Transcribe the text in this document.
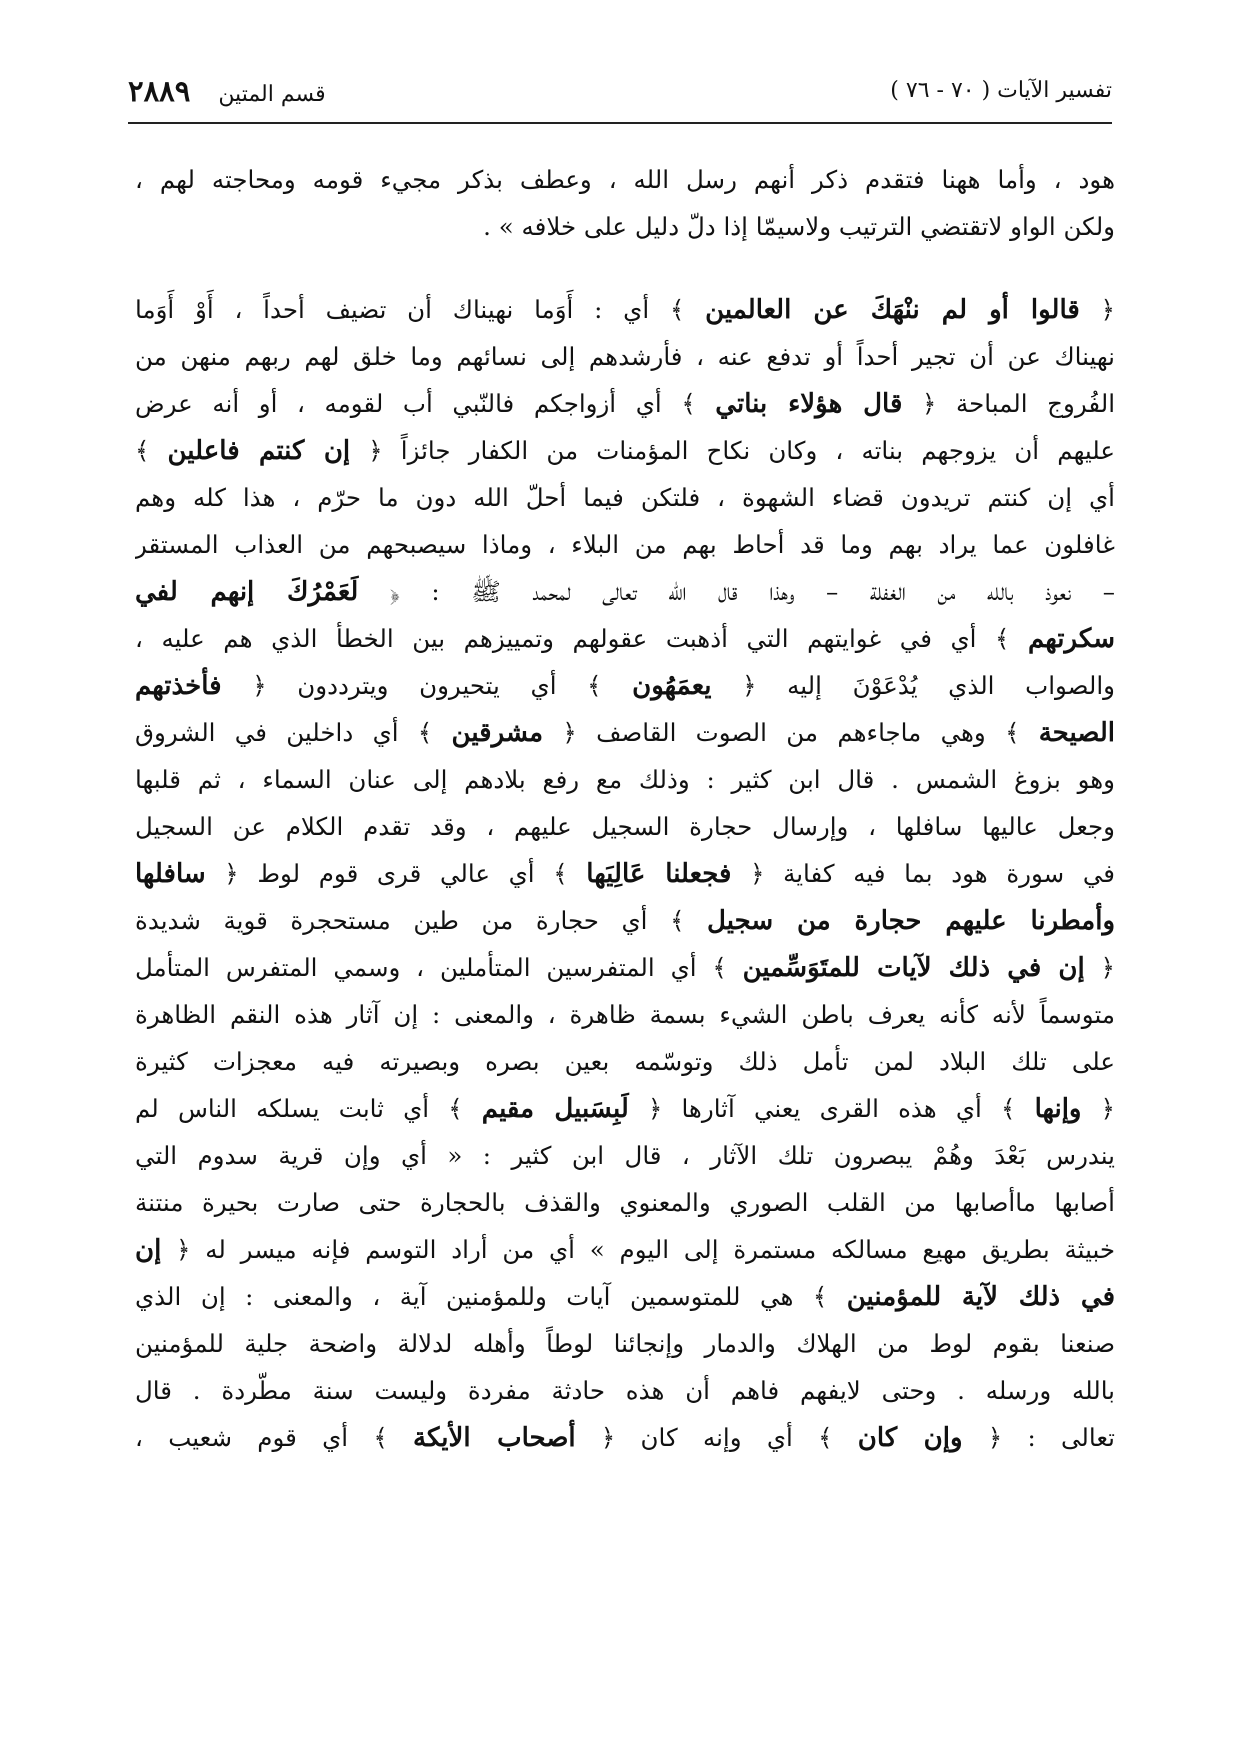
٢٨٨٩ قسم المتين	تفسير الآيات ( ٧٠ - ٧٦ )
هود ، وأما ههنا فتقدم ذكر أنهم رسل الله ، وعطف بذكر مجيء قومه ومحاجته لهم ،
ولكن الواو لاتقتضي الترتيب ولاسيمّا إذا دلّ دليل على خلافه » .
﴿ قالوا أو لم ننْهَكَ عن العالمين ﴾ أي : أَوَما نهيناك أن تضيف أحداً ، أَوْ أَوَما
نهيناك عن أن تجير أحداً أو تدفع عنه ، فأرشدهم إلى نسائهم وما خلق لهم ربهم منهن من
الفُروج المباحة ﴿ قال هؤلاء بناتي ﴾ أي أزواجكم فالنّبي أب لقومه ، أو أنه عرض
عليهم أن يزوجهم بناته ، وكان نكاح المؤمنات من الكفار جائزاً ﴿ إن كنتم فاعلين ﴾
أي إن كنتم تريدون قضاء الشهوة ، فلتكن فيما أحلّ الله دون ما حرّم ، هذا كله وهم
غافلون عما يراد بهم وما قد أحاط بهم من البلاء ، وماذا سيصبحهم من العذاب المستقر
– نعوذ بالله من الغفلة – وهذا قال الله تعالى لمحمد ﷺ : ﴿ لَعَمْرُكَ إنهم لفي
سكرتهم ﴾ أي في غوايتهم التي أذهبت عقولهم وتمييزهم بين الخطأ الذي هم عليه ،
والصواب الذي يُدْعَوْنَ إليه ﴿ يعمَهُون ﴾ أي يتحيرون ويترددون ﴿ فأخذتهم
الصيحة ﴾ وهي ماجاءهم من الصوت القاصف ﴿ مشرقين ﴾ أي داخلين في الشروق
وهو بزوغ الشمس . قال ابن كثير : وذلك مع رفع بلادهم إلى عنان السماء ، ثم قلبها
وجعل عاليها سافلها ، وإرسال حجارة السجيل عليهم ، وقد تقدم الكلام عن السجيل
في سورة هود بما فيه كفاية ﴿ فجعلنا عَالِيَها ﴾ أي عالي قرى قوم لوط ﴿ سافلها
وأمطرنا عليهم حجارة من سجيل ﴾ أي حجارة من طين مستحجرة قوية شديدة
﴿ إن في ذلك لآيات للمتَوَسِّمين ﴾ أي المتفرسين المتأملين ، وسمي المتفرس المتأمل
متوسماً لأنه كأنه يعرف باطن الشيء بسمة ظاهرة ، والمعنى : إن آثار هذه النقم الظاهرة
على تلك البلاد لمن تأمل ذلك وتوسّمه بعين بصره وبصيرته فيه معجزات كثيرة
﴿ وإنها ﴾ أي هذه القرى يعني آثارها ﴿ لَبِسَبيل مقيم ﴾ أي ثابت يسلكه الناس لم
يندرس بَعْدَ وهُمْ يبصرون تلك الآثار ، قال ابن كثير : « أي وإن قرية سدوم التي
أصابها ماأصابها من القلب الصوري والمعنوي والقذف بالحجارة حتى صارت بحيرة منتنة
خبيثة بطريق مهيع مسالكه مستمرة إلى اليوم » أي من أراد التوسم فإنه ميسر له ﴿ إن
في ذلك لآية للمؤمنين ﴾ هي للمتوسمين آيات وللمؤمنين آية ، والمعنى : إن الذي
صنعنا بقوم لوط من الهلاك والدمار وإنجائنا لوطاً وأهله لدلالة واضحة جلية للمؤمنين
بالله ورسله . وحتى لايفهم فاهم أن هذه حادثة مفردة وليست سنة مطّردة . قال
تعالى : ﴿ وإن كان ﴾ أي وإنه كان ﴿ أصحاب الأيكة ﴾ أي قوم شعيب ،
